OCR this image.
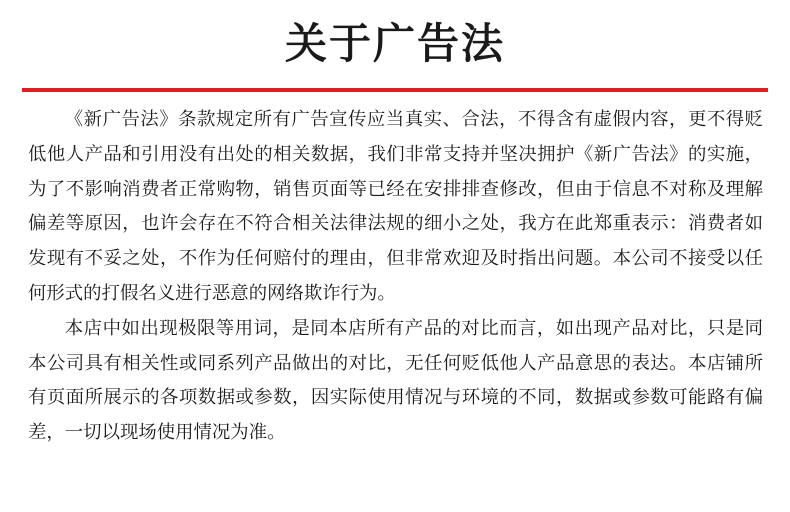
关于广告法

《新广告法》条款规定所有广告宣传应当真实、合法，不得含有虚假内容，更不得贬低他人产品和引用没有出处的相关数据，我们非常支持并坚决拥护《新广告法》的实施，为了不影响消费者正常购物，销售页面等已经在安排排查修改，但由于信息不对称及理解偏差等原因，也许会存在不符合相关法律法规的细小之处，我方在此郑重表示：消费者如发现有不妥之处，不作为任何赔付的理由，但非常欢迎及时指出问题。本公司不接受以任何形式的打假名义进行恶意的网络欺诈行为。

本店中如出现极限等用词，是同本店所有产品的对比而言，如出现产品对比，只是同本公司具有相关性或同系列产品做出的对比，无任何贬低他人产品意思的表达。本店铺所有页面所展示的各项数据或参数，因实际使用情况与环境的不同，数据或参数可能路有偏差，一切以现场使用情况为准。
